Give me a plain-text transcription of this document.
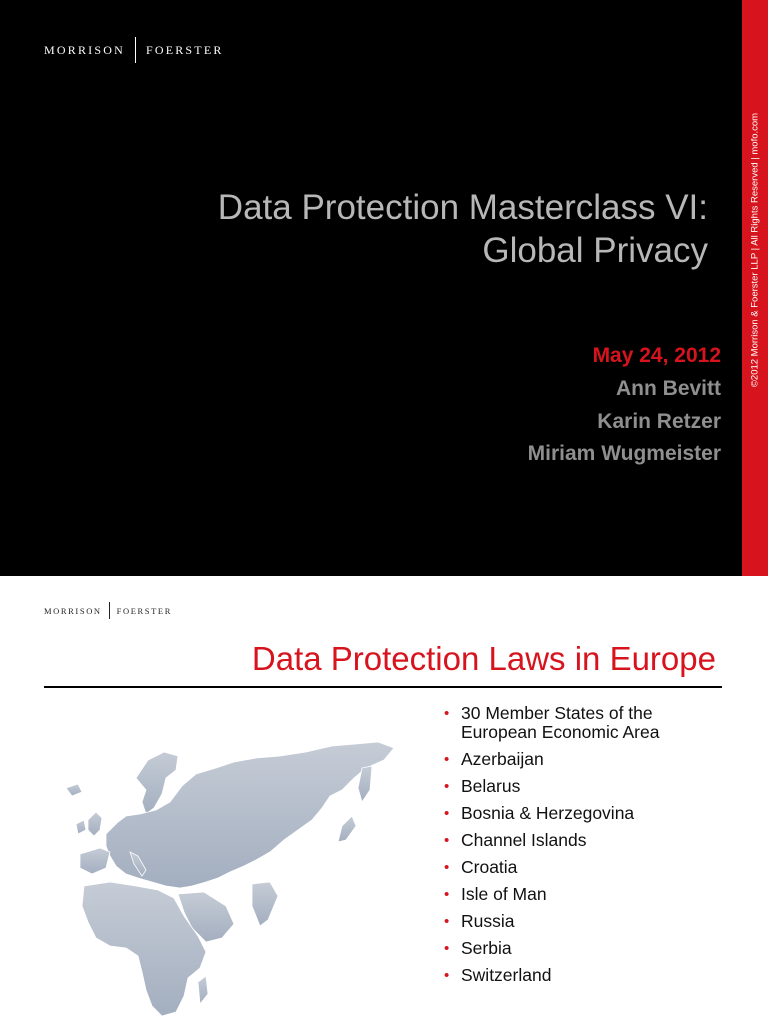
MORRISON FOERSTER
Data Protection Masterclass VI:
Global Privacy
May 24, 2012
Ann Bevitt
Karin Retzer
Miriam Wugmeister
©2012 Morrison & Foerster LLP | All Rights Reserved | mofo.com
MORRISON FOERSTER
Data Protection Laws in Europe
• 30 Member States of the European Economic Area
• Azerbaijan
• Belarus
• Bosnia & Herzegovina
• Channel Islands
• Croatia
• Isle of Man
• Russia
• Serbia
• Switzerland
